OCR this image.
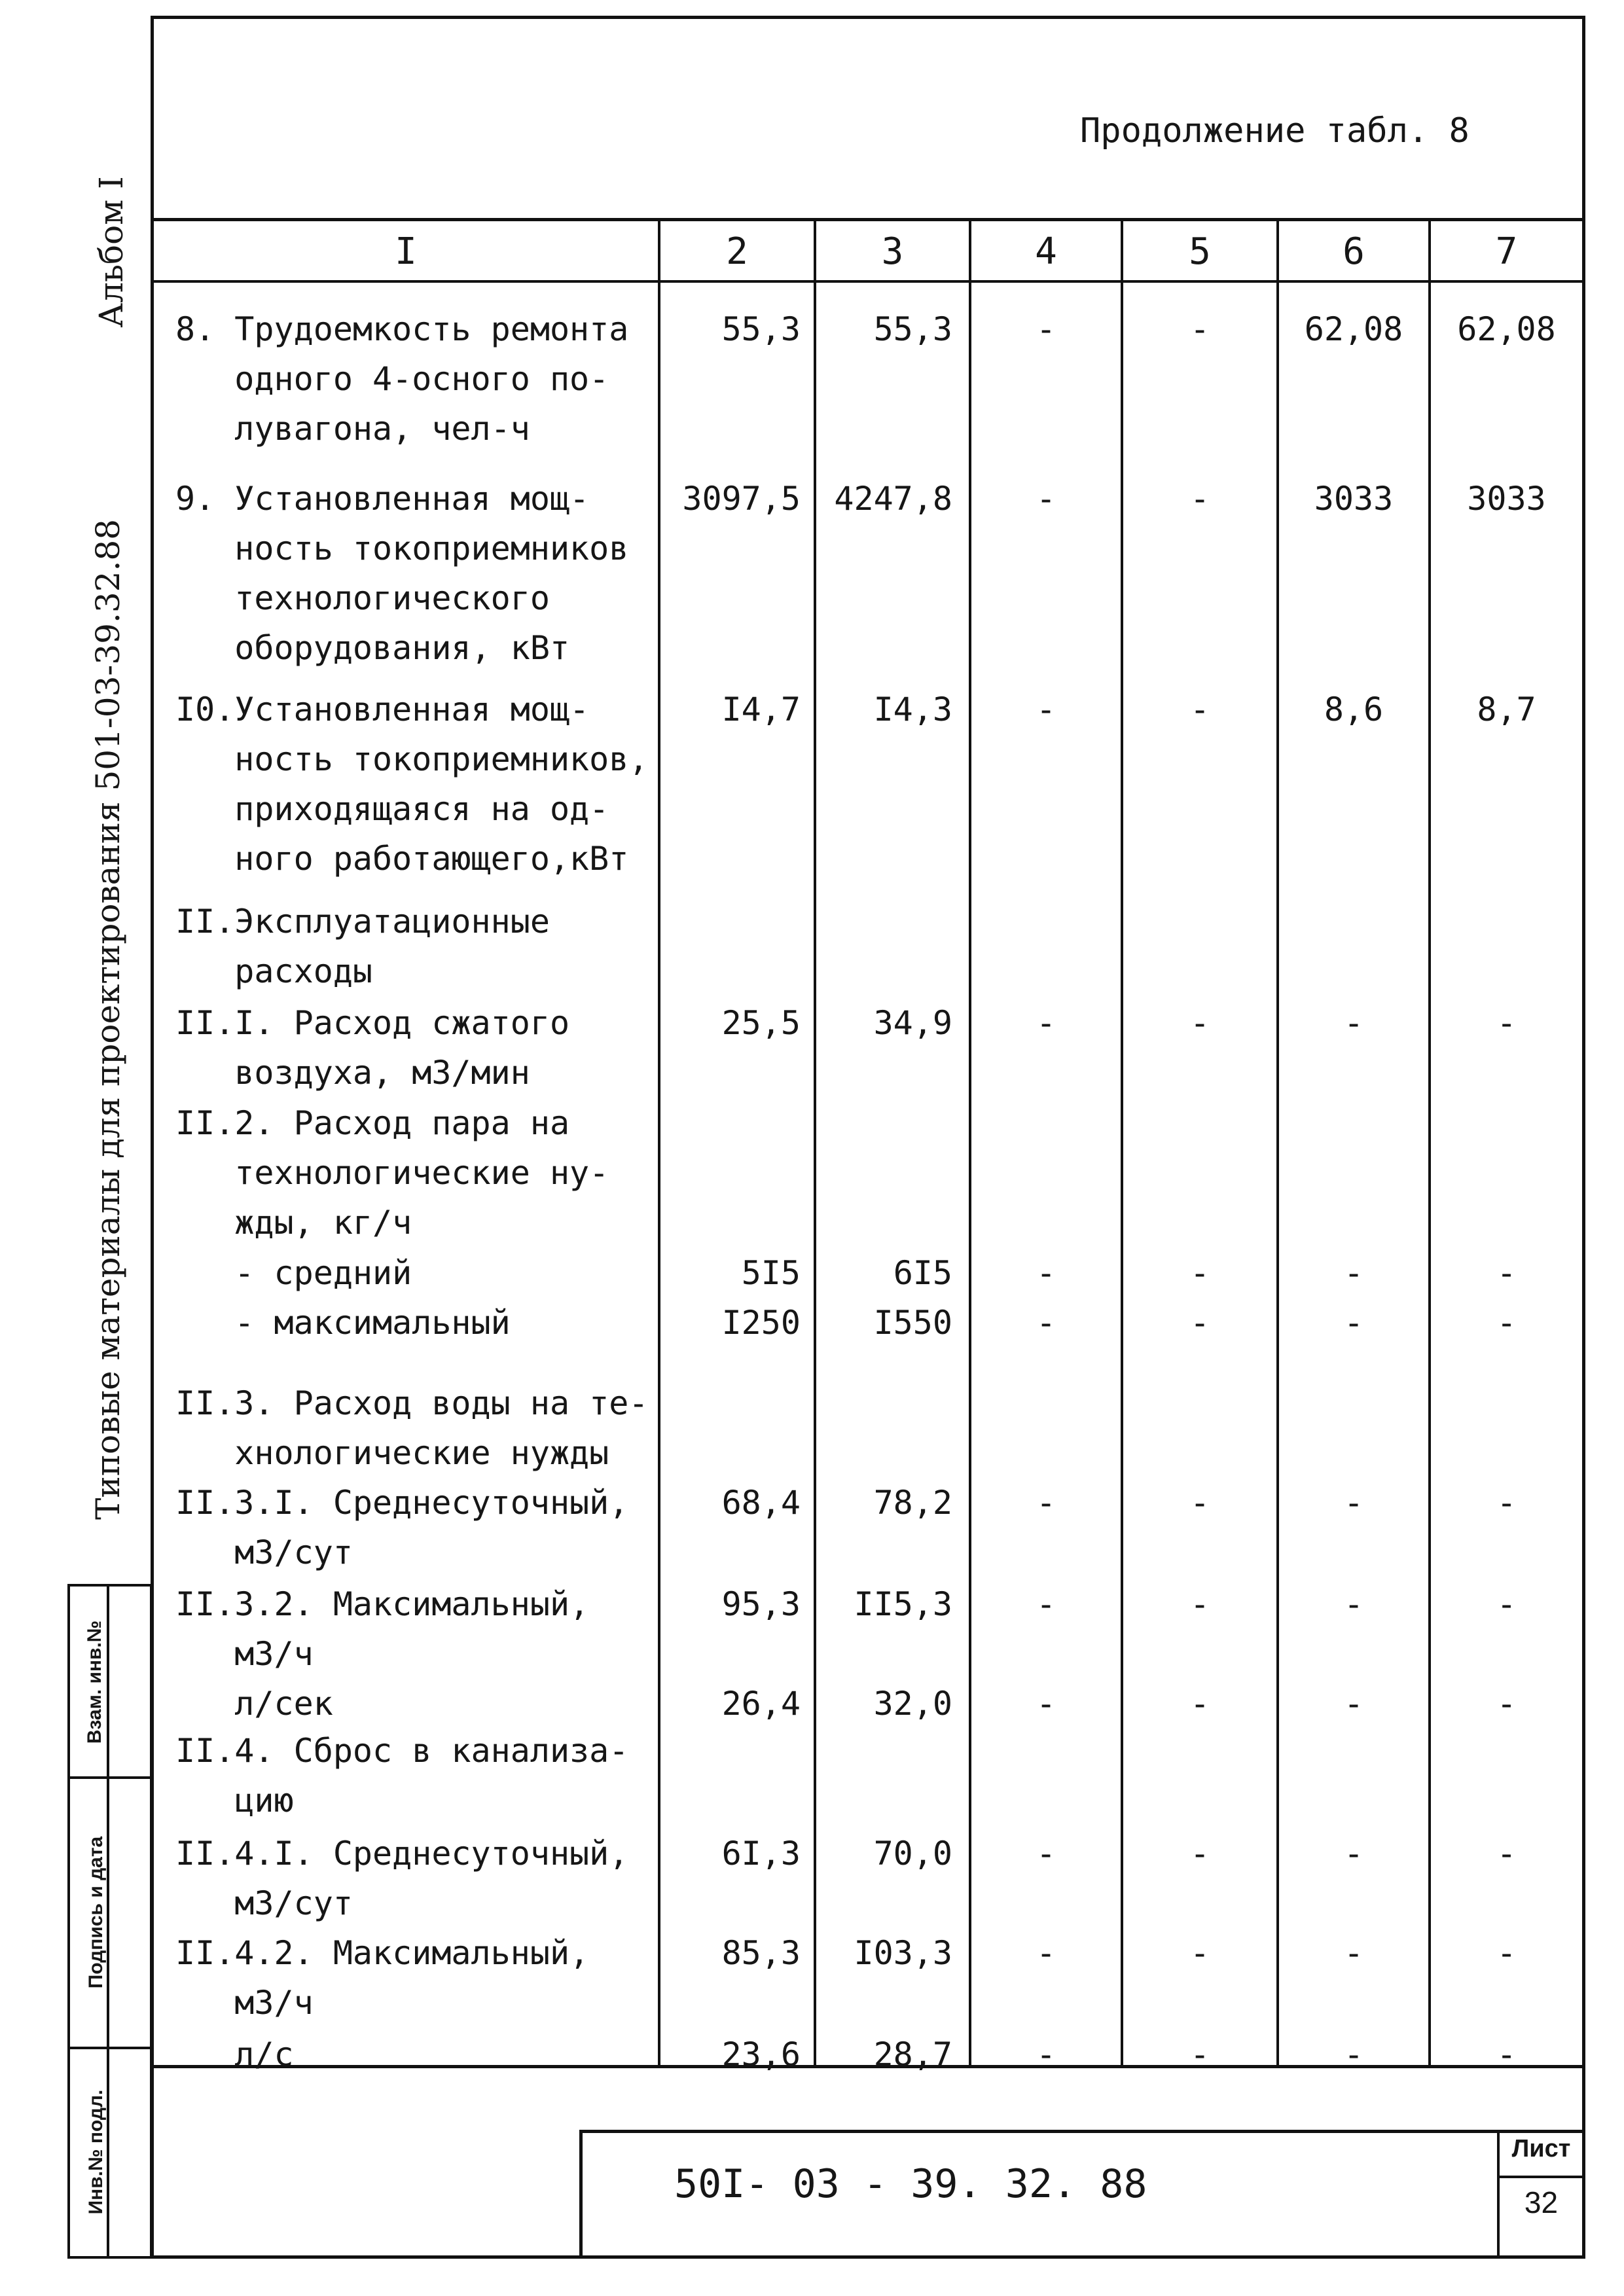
Продолжение табл. 8
I	2	3	4	5	6	7
Альбом I
Типовые материалы для проектирования 501-03-39.32.88
Взам. инв.№
Подпись и дата
Инв.№ подл.
8. Трудоемкость ремонта
одного 4-осного по-
лувагона, чел-ч
55,3	55,3	-	-	62,08	62,08
9. Установленная мощ-
ность токоприемников
технологического
оборудования, кВт
3097,5	4247,8	-	-	3033	3033
I0.Установленная мощ-
ность токоприемников,
приходящаяся на од-
ного работающего,кВт
I4,7	I4,3	-	-	8,6	8,7
II.Эксплуатационные
расходы
II.I. Расход сжатого
воздуха, м3/мин
25,5	34,9	-	-	-	-
II.2. Расход пара на
технологические ну-
жды, кг/ч
- средний	5I5	6I5	-	-	-	-
- максимальный	I250	I550	-	-	-	-
II.3. Расход воды на те-
хнологические нужды
II.3.I. Среднесуточный,
м3/сут
68,4	78,2	-	-	-	-
II.3.2. Максимальный,
м3/ч
95,3	II5,3	-	-	-	-
л/сек	26,4	32,0	-	-	-	-
II.4. Сброс в канализа-
цию
II.4.I. Среднесуточный,
м3/сут
6I,3	70,0	-	-	-	-
II.4.2. Максимальный,
м3/ч
85,3	I03,3	-	-	-	-
л/с	23,6	28,7	-	-	-	-
50I- 03 - 39. 32. 88
Лист
32
